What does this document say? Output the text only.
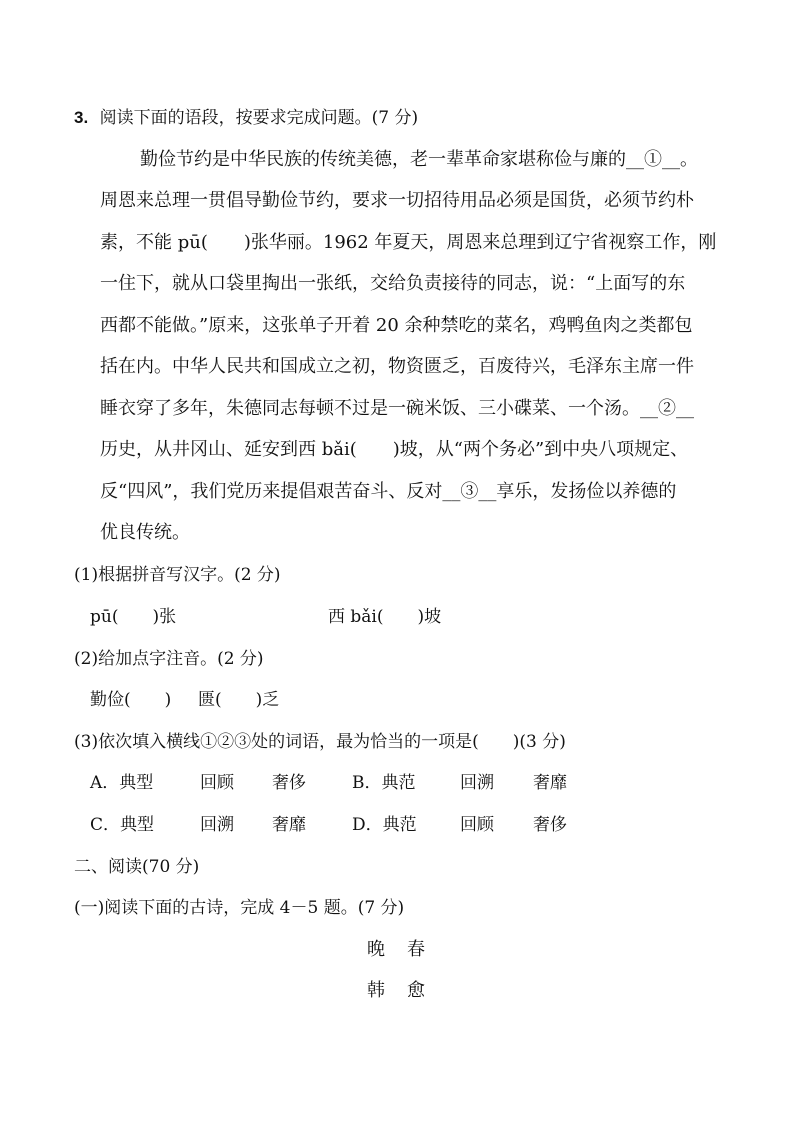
3. 阅读下面的语段，按要求完成问题。(7 分)
勤俭节约是中华民族的传统美德，老一辈革命家堪称俭与廉的__①__。
周恩来总理一贯倡导勤俭节约，要求一切招待用品必须是国货，必须节约朴
素，不能 pū(　　)张华丽。1962 年夏天，周恩来总理到辽宁省视察工作，刚
一住下，就从口袋里掏出一张纸，交给负责接待的同志，说：“上面写的东
西都不能做。”原来，这张单子开着 20 余种禁吃的菜名，鸡鸭鱼肉之类都包
括在内。中华人民共和国成立之初，物资匮乏，百废待兴，毛泽东主席一件
睡衣穿了多年，朱德同志每顿不过是一碗米饭、三小碟菜、一个汤。__②__
历史，从井冈山、延安到西 bǎi(　　)坡，从“两个务必”到中央八项规定、
反“四风”，我们党历来提倡艰苦奋斗、反对__③__享乐，发扬俭以养德的
优良传统。
(1)根据拼音写汉字。(2 分)
pū(　　)张	西 bǎi(　　)坡
(2)给加点字注音。(2 分)
勤俭(　　) 匮(　　)乏
(3)依次填入横线①②③处的词语，最为恰当的一项是(　　)(3 分)
A．典型	回顾 奢侈	B．典范	回溯 奢靡
C．典型	回溯 奢靡	D．典范	回顾 奢侈
二、阅读(70 分)
(一)阅读下面的古诗，完成 4－5 题。(7 分)
晚　春
韩　愈
